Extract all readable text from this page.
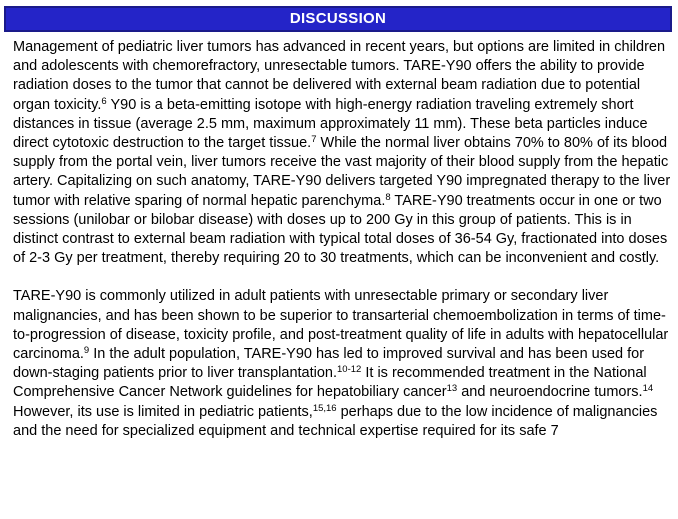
DISCUSSION

Management of pediatric liver tumors has advanced in recent years, but options are limited in children and adolescents with chemorefractory, unresectable tumors. TARE-Y90 offers the ability to provide radiation doses to the tumor that cannot be delivered with external beam radiation due to potential organ toxicity.$^6$ Y90 is a beta-emitting isotope with high-energy radiation traveling extremely short distances in tissue (average 2.5 mm, maximum approximately 11 mm). These beta particles induce direct cytotoxic destruction to the target tissue.$^7$ While the normal liver obtains 70% to 80% of its blood supply from the portal vein, liver tumors receive the vast majority of their blood supply from the hepatic artery. Capitalizing on such anatomy, TARE-Y90 delivers targeted Y90 impregnated therapy to the liver tumor with relative sparing of normal hepatic parenchyma.$^8$ TARE-Y90 treatments occur in one or two sessions (unilobar or bilobar disease) with doses up to 200 Gy in this group of patients. This is in distinct contrast to external beam radiation with typical total doses of 36-54 Gy, fractionated into doses of 2-3 Gy per treatment, thereby requiring 20 to 30 treatments, which can be inconvenient and costly.

TARE-Y90 is commonly utilized in adult patients with unresectable primary or secondary liver malignancies, and has been shown to be superior to transarterial chemoembolization in terms of time-to-progression of disease, toxicity profile, and post-treatment quality of life in adults with hepatocellular carcinoma.$^9$ In the adult population, TARE-Y90 has led to improved survival and has been used for down-staging patients prior to liver transplantation.$^{10-12}$ It is recommended treatment in the National Comprehensive Cancer Network guidelines for hepatobiliary cancer$^{13}$ and neuroendocrine tumors.$^{14}$ However, its use is limited in pediatric patients,$^{15,16}$ perhaps due to the low incidence of malignancies and the need for specialized equipment and technical expertise required for its safe 7
